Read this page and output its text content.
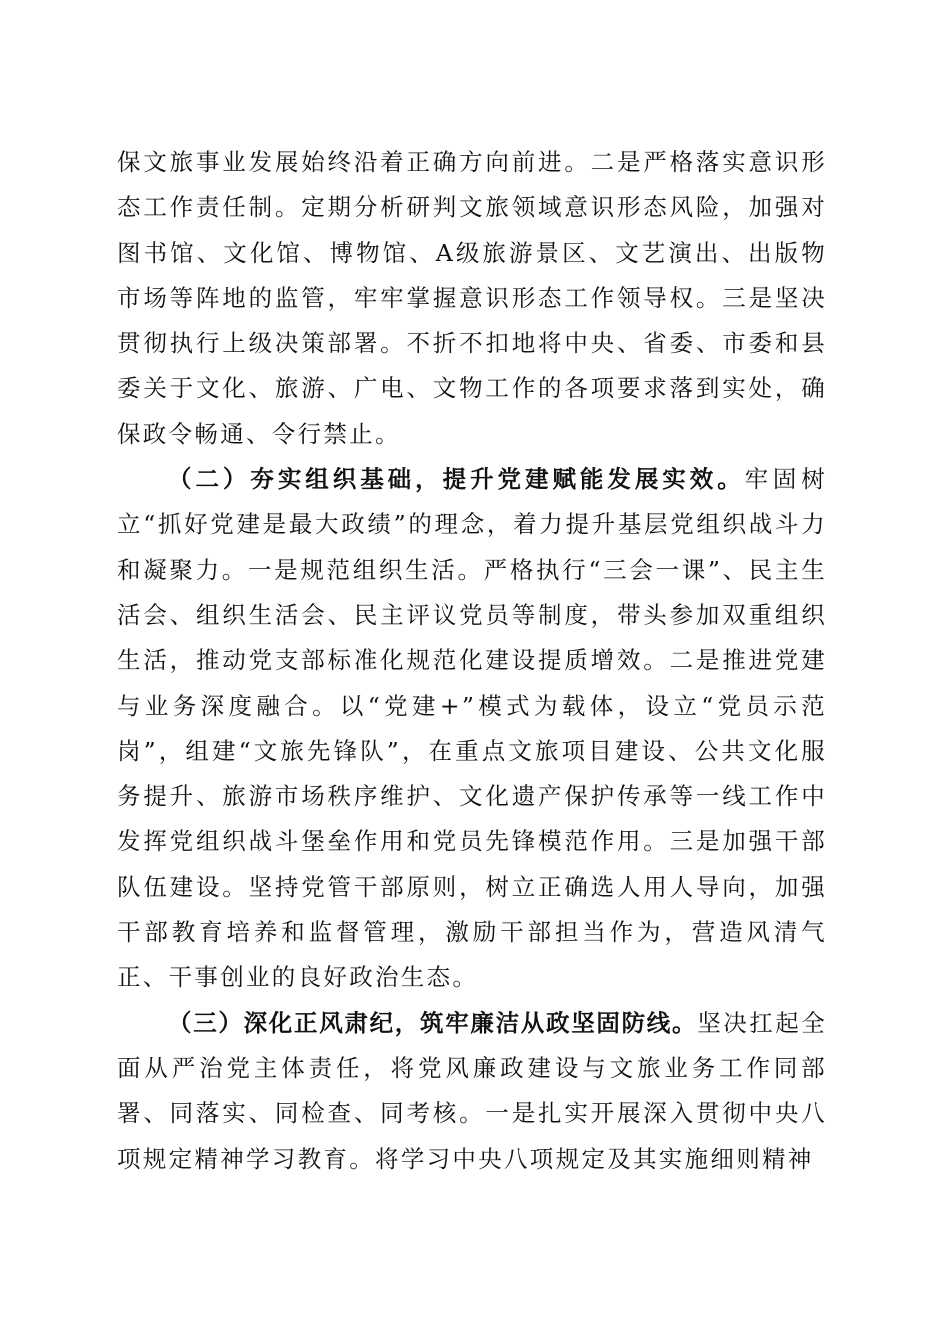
保文旅事业发展始终沿着正确方向前进。二是严格落实意识形态工作责任制。定期分析研判文旅领域意识形态风险，加强对图书馆、文化馆、博物馆、A级旅游景区、文艺演出、出版物市场等阵地的监管，牢牢掌握意识形态工作领导权。三是坚决贯彻执行上级决策部署。不折不扣地将中央、省委、市委和县委关于文化、旅游、广电、文物工作的各项要求落到实处，确保政令畅通、令行禁止。

（二）夯实组织基础，提升党建赋能发展实效。牢固树立“抓好党建是最大政绩”的理念，着力提升基层党组织战斗力和凝聚力。一是规范组织生活。严格执行“三会一课”、民主生活会、组织生活会、民主评议党员等制度，带头参加双重组织生活，推动党支部标准化规范化建设提质增效。二是推进党建与业务深度融合。以“党建+”模式为载体，设立“党员示范岗”，组建“文旅先锋队”，在重点文旅项目建设、公共文化服务提升、旅游市场秩序维护、文化遗产保护传承等一线工作中发挥党组织战斗堡垒作用和党员先锋模范作用。三是加强干部队伍建设。坚持党管干部原则，树立正确选人用人导向，加强干部教育培养和监督管理，激励干部担当作为，营造风清气正、干事创业的良好政治生态。

（三）深化正风肃纪，筑牢廉洁从政坚固防线。坚决扛起全面从严治党主体责任，将党风廉政建设与文旅业务工作同部署、同落实、同检查、同考核。一是扎实开展深入贯彻中央八项规定精神学习教育。将学习中央八项规定及其实施细则精神
